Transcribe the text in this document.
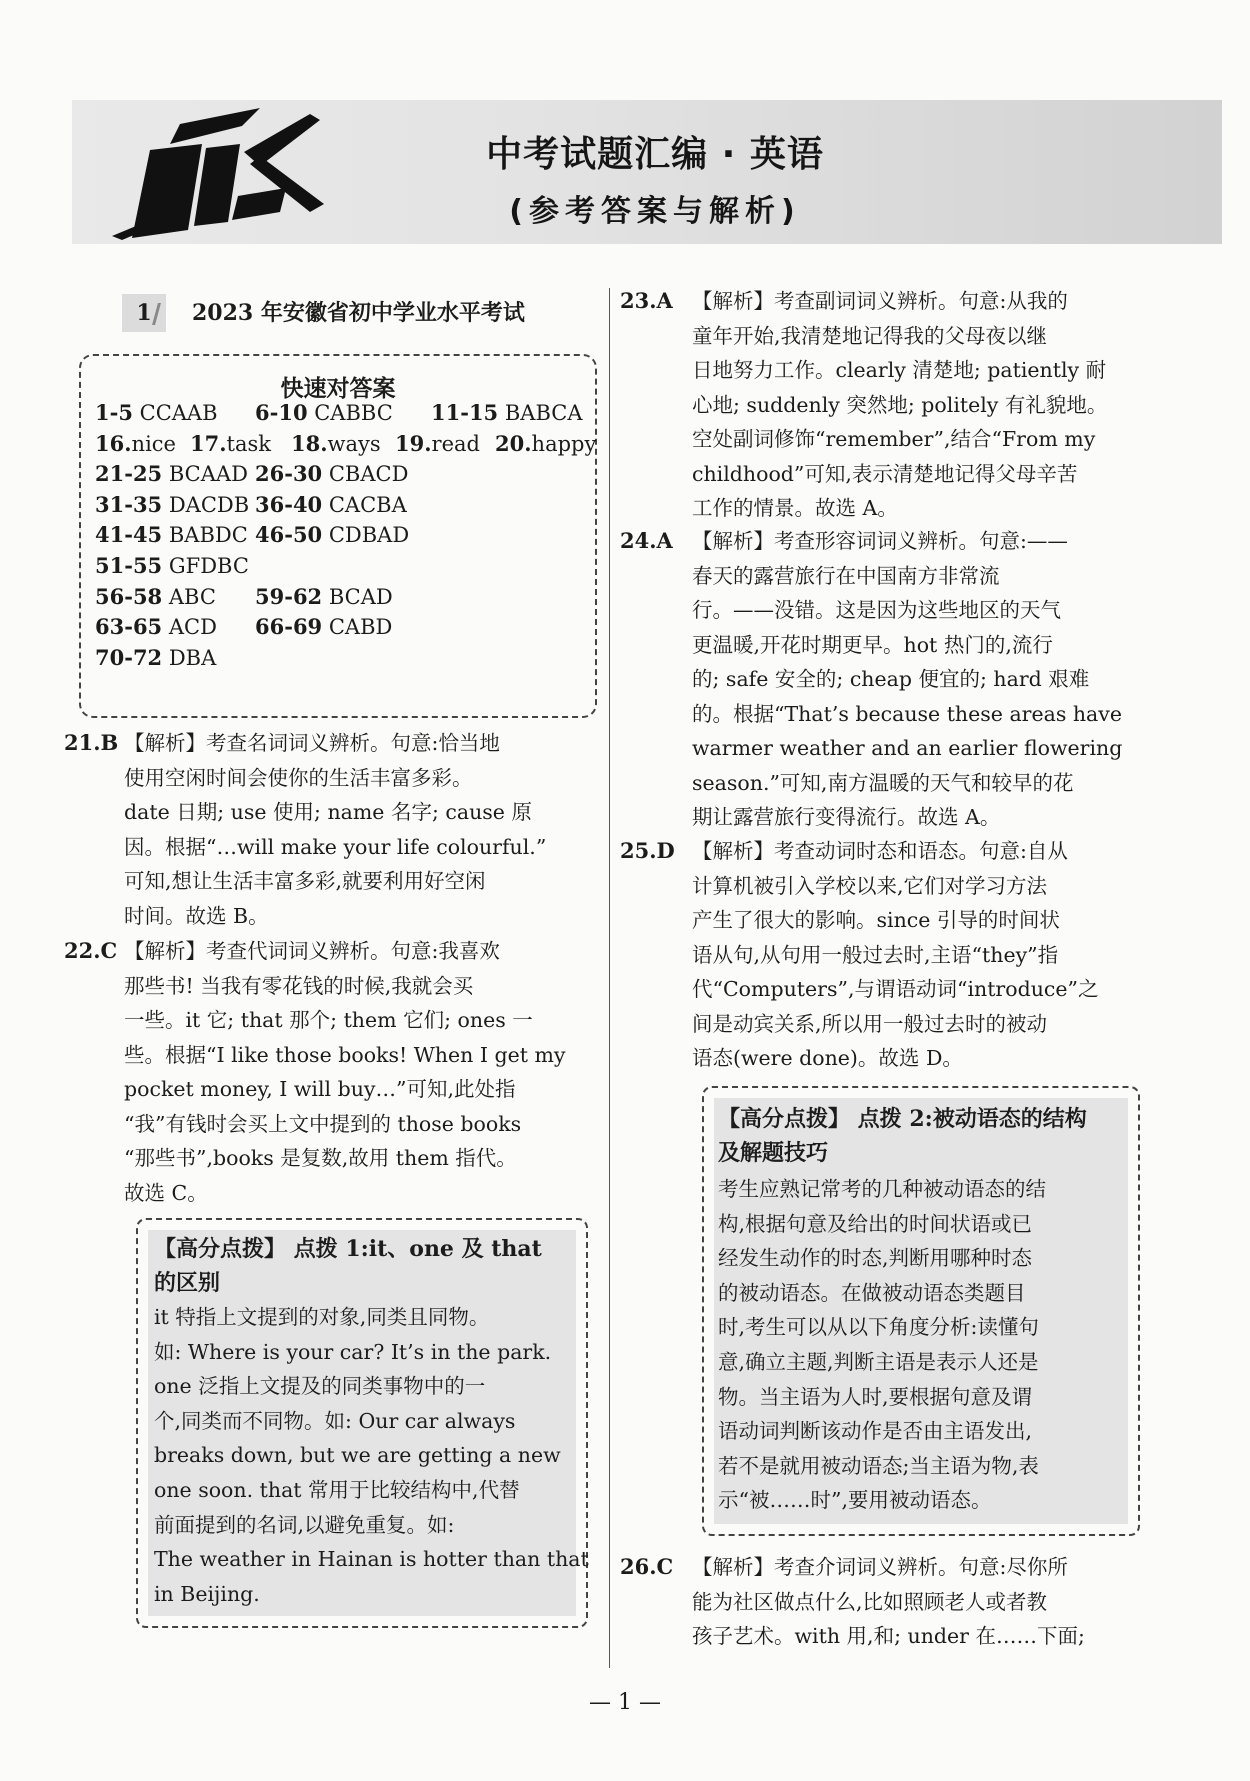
中考试题汇编 · 英语
(参考答案与解析)
1	2023 年安徽省初中学业水平考试
快速对答案
1-5 CCAAB 6-10 CABBC 11-15 BABCA
16.nice 17.task 18.ways 19.read 20.happy
21-25 BCAAD 26-30 CBACD
31-35 DACDB 36-40 CACBA
41-45 BABDC 46-50 CDBAD
51-55 GFDBC
56-58 ABC 59-62 BCAD
63-65 ACD 66-69 CABD
70-72 DBA
21.B 【解析】考查名词词义辨析。句意:恰当地
使用空闲时间会使你的生活丰富多彩。
date 日期; use 使用; name 名字; cause 原
因。根据“…will make your life colourful.”
可知,想让生活丰富多彩,就要利用好空闲
时间。故选 B。
22.C 【解析】考查代词词义辨析。句意:我喜欢
那些书! 当我有零花钱的时候,我就会买
一些。it 它; that 那个; them 它们; ones 一
些。根据“I like those books! When I get my
pocket money, I will buy…”可知,此处指
“我”有钱时会买上文中提到的 those books
“那些书”,books 是复数,故用 them 指代。
故选 C。
【高分点拨】 点拨 1:it、one 及 that
的区别
it 特指上文提到的对象,同类且同物。
如: Where is your car? It’s in the park.
one 泛指上文提及的同类事物中的一
个,同类而不同物。如: Our car always
breaks down, but we are getting a new
one soon. that 常用于比较结构中,代替
前面提到的名词,以避免重复。如:
The weather in Hainan is hotter than that
in Beijing.
23.A 【解析】考查副词词义辨析。句意:从我的
童年开始,我清楚地记得我的父母夜以继
日地努力工作。clearly 清楚地; patiently 耐
心地; suddenly 突然地; politely 有礼貌地。
空处副词修饰“remember”,结合“From my
childhood”可知,表示清楚地记得父母辛苦
工作的情景。故选 A。
24.A 【解析】考查形容词词义辨析。句意:——
春天的露营旅行在中国南方非常流
行。——没错。这是因为这些地区的天气
更温暖,开花时期更早。hot 热门的,流行
的; safe 安全的; cheap 便宜的; hard 艰难
的。根据“That’s because these areas have
warmer weather and an earlier flowering
season.”可知,南方温暖的天气和较早的花
期让露营旅行变得流行。故选 A。
25.D 【解析】考查动词时态和语态。句意:自从
计算机被引入学校以来,它们对学习方法
产生了很大的影响。since 引导的时间状
语从句,从句用一般过去时,主语“they”指
代“Computers”,与谓语动词“introduce”之
间是动宾关系,所以用一般过去时的被动
语态(were done)。故选 D。
【高分点拨】 点拨 2:被动语态的结构
及解题技巧
考生应熟记常考的几种被动语态的结
构,根据句意及给出的时间状语或已
经发生动作的时态,判断用哪种时态
的被动语态。在做被动语态类题目
时,考生可以从以下角度分析:读懂句
意,确立主题,判断主语是表示人还是
物。当主语为人时,要根据句意及谓
语动词判断该动作是否由主语发出,
若不是就用被动语态;当主语为物,表
示“被……时”,要用被动语态。
26.C 【解析】考查介词词义辨析。句意:尽你所
能为社区做点什么,比如照顾老人或者教
孩子艺术。with 用,和; under 在……下面;
— 1 —
